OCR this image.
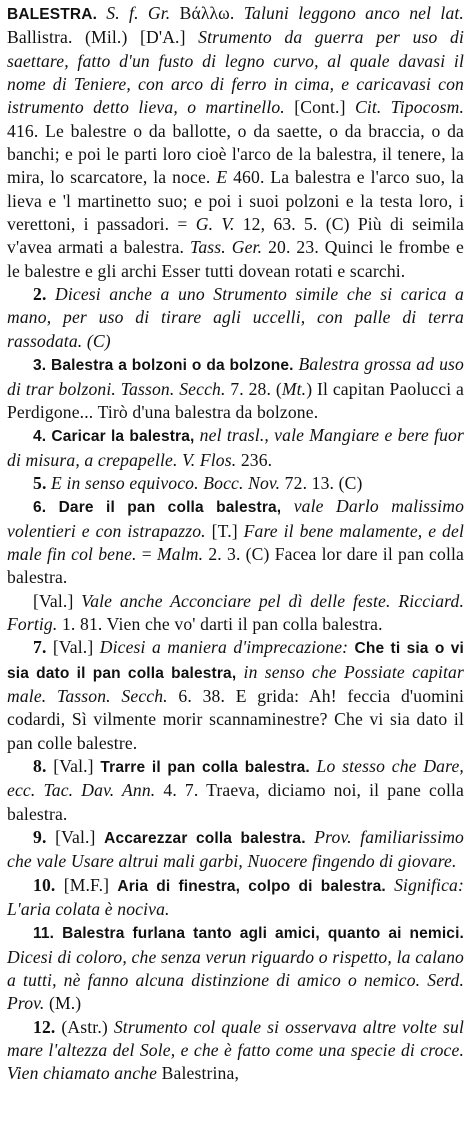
BALESTRA. S. f. Gr. Βάλλω. Taluni leggono anco nel lat. Ballistra. (Mil.) [D'A.] Strumento da guerra per uso di saettare, fatto d'un fusto di legno curvo, al quale davasi il nome di Teniere, con arco di ferro in cima, e caricavasi con istrumento detto lieva, o martinello. [Cont.] Cit. Tipocosm. 416. Le balestre o da ballotte, o da saette, o da braccia, o da banchi; e poi le parti loro cioè l'arco de la balestra, il tenere, la mira, lo scarcatore, la noce. E 460. La balestra e l'arco suo, la lieva e 'l martinetto suo; e poi i suoi polzoni e la testa loro, i verettoni, i passadori. = G. V. 12, 63. 5. (C) Più di seimila v'avea armati a balestra. Tass. Ger. 20. 23. Quinci le frombe e le balestre e gli archi Esser tutti dovean rotati e scarchi.

2. Dicesi anche a uno Strumento simile che si carica a mano, per uso di tirare agli uccelli, con palle di terra rassodata. (C)

3. Balestra a bolzoni o da bolzone. Balestra grossa ad uso di trar bolzoni. Tasson. Secch. 7. 28. (Mt.) Il capitan Paolucci a Perdigone... Tirò d'una balestra da bolzone.

4. Caricar la balestra, nel trasl., vale Mangiare e bere fuor di misura, a crepapelle. V. Flos. 236.

5. E in senso equivoco. Bocc. Nov. 72. 13. (C)

6. Dare il pan colla balestra, vale Darlo malissimo volentieri e con istrapazzo. [T.] Fare il bene malamente, e del male fin col bene. = Malm. 2. 3. (C) Facea lor dare il pan colla balestra.

[Val.] Vale anche Acconciare pel dì delle feste. Ricciard. Fortig. 1. 81. Vien che vo' darti il pan colla balestra.

7. [Val.] Dicesi a maniera d'imprecazione: Che ti sia o vi sia dato il pan colla balestra, in senso che Possiate capitar male. Tasson. Secch. 6. 38. E grida: Ah! feccia d'uomini codardi, Sì vilmente morir scannaminestre? Che vi sia dato il pan colle balestre.

8. [Val.] Trarre il pan colla balestra. Lo stesso che Dare, ecc. Tac. Dav. Ann. 4. 7. Traeva, diciamo noi, il pane colla balestra.

9. [Val.] Accarezzar colla balestra. Prov. familiarissimo che vale Usare altrui mali garbi, Nuocere fingendo di giovare.

10. [M.F.] Aria di finestra, colpo di balestra. Significa: L'aria colata è nociva.

11. Balestra furlana tanto agli amici, quanto ai nemici. Dicesi di coloro, che senza verun riguardo o rispetto, la calano a tutti, nè fanno alcuna distinzione di amico o nemico. Serd. Prov. (M.)

12. (Astr.) Strumento col quale si osservava altre volte sul mare l'altezza del Sole, e che è fatto come una specie di croce. Vien chiamato anche Balestrina,
